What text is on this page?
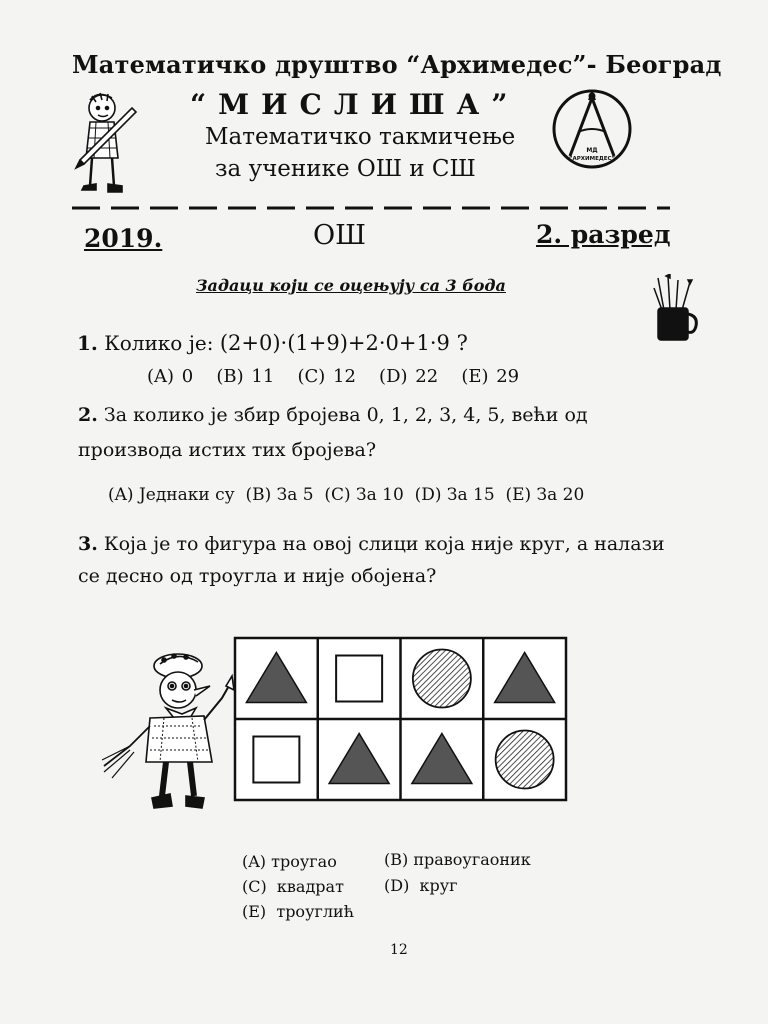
Математичко друштво “Архимедес”- Београд
“МИСЛИША”
Математичко такмичење
за ученике ОШ и СШ
МД
“АРХИМЕДЕС”
2019.	ОШ	2. разред
Задаци који се оцењују са 3 бода
1. Колико је: (2+0)·(1+9)+2·0+1·9 ?
(A) 0   (B) 11   (C) 12   (D) 22   (E) 29
2. За колико је збир бројева 0, 1, 2, 3, 4, 5, већи од
производа истих тих бројева?
(A) Једнаки су  (B) За 5  (C) За 10  (D) За 15  (E) За 20
3. Која је то фигура на овој слици која није круг, а налази
се десно од троугла и није обојена?
(A) троугао	(B) правоугаоник
(C)  квадрат	(D)  круг
(E)  троуглић
12
